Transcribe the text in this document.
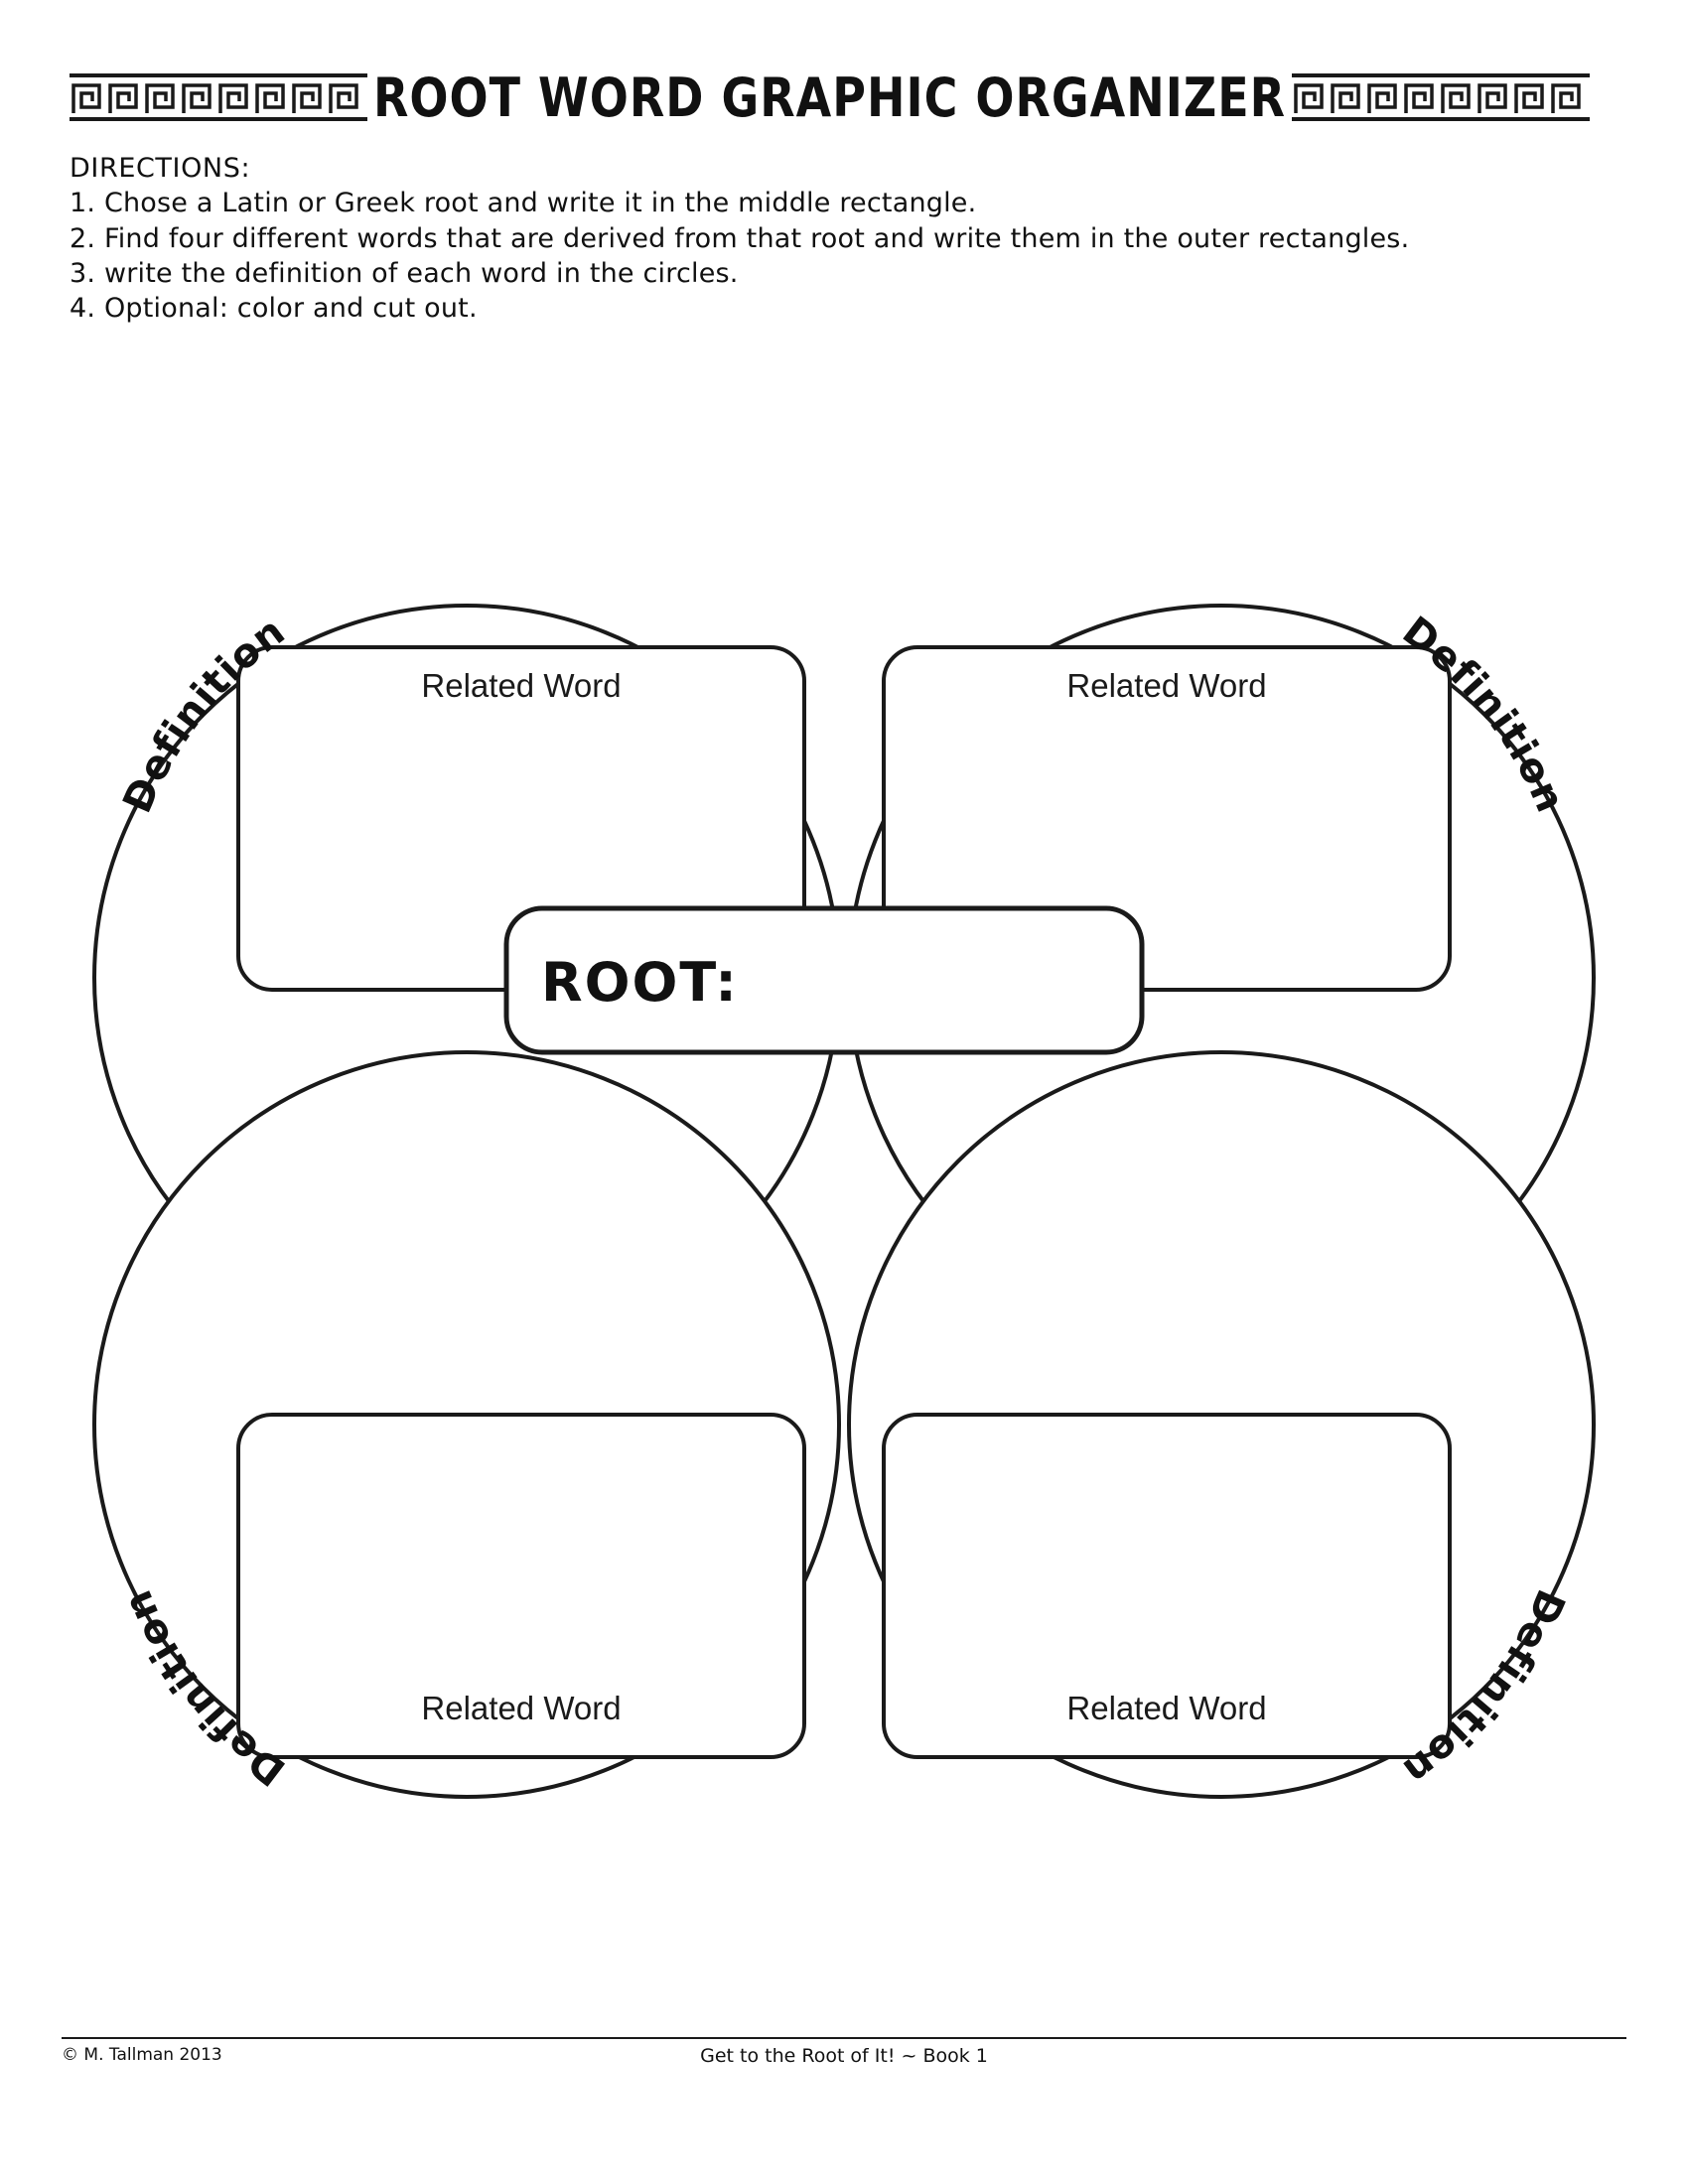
ROOT WORD GRAPHIC ORGANIZER
DIRECTIONS:
1. Chose a Latin or Greek root and write it in the middle rectangle.
2. Find four different words that are derived from that root and write them in the outer rectangles.
3. write the definition of each word in the circles.
4. Optional: color and cut out.
Related Word	Related Word
Related Word	Related Word
ROOT:
Definition	Definition
Definition	Definition
© M. Tallman 2013	Get to the Root of It! ~ Book 1
